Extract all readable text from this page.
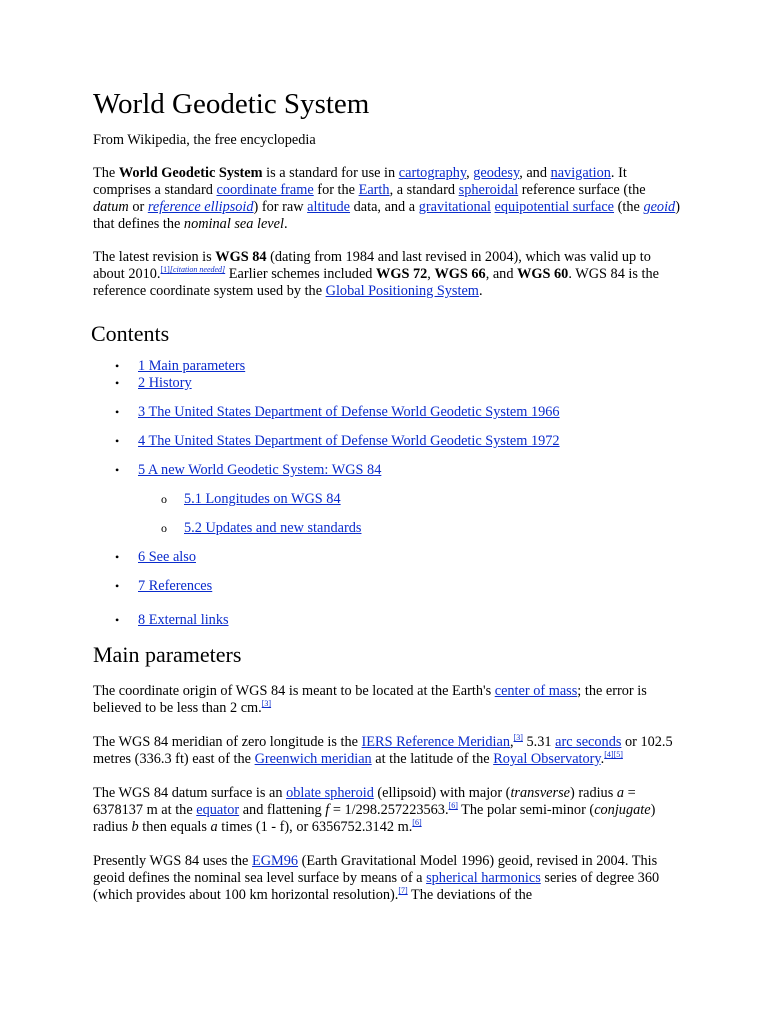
World Geodetic System

From Wikipedia, the free encyclopedia

The World Geodetic System is a standard for use in cartography, geodesy, and navigation. It comprises a standard coordinate frame for the Earth, a standard spheroidal reference surface (the datum or reference ellipsoid) for raw altitude data, and a gravitational equipotential surface (the geoid) that defines the nominal sea level.

The latest revision is WGS 84 (dating from 1984 and last revised in 2004), which was valid up to about 2010.[1][citation needed] Earlier schemes included WGS 72, WGS 66, and WGS 60. WGS 84 is the reference coordinate system used by the Global Positioning System.

Contents
• 1 Main parameters
• 2 History
• 3 The United States Department of Defense World Geodetic System 1966
• 4 The United States Department of Defense World Geodetic System 1972
• 5 A new World Geodetic System: WGS 84
o 5.1 Longitudes on WGS 84
o 5.2 Updates and new standards
• 6 See also
• 7 References
• 8 External links
Main parameters

The coordinate origin of WGS 84 is meant to be located at the Earth's center of mass; the error is believed to be less than 2 cm.[3]

The WGS 84 meridian of zero longitude is the IERS Reference Meridian,[3] 5.31 arc seconds or 102.5 metres (336.3 ft) east of the Greenwich meridian at the latitude of the Royal Observatory.[4][5]

The WGS 84 datum surface is an oblate spheroid (ellipsoid) with major (transverse) radius a = 6378137 m at the equator and flattening f = 1/298.257223563.[6] The polar semi-minor (conjugate) radius b then equals a times (1 - f), or 6356752.3142 m.[6]

Presently WGS 84 uses the EGM96 (Earth Gravitational Model 1996) geoid, revised in 2004. This geoid defines the nominal sea level surface by means of a spherical harmonics series of degree 360 (which provides about 100 km horizontal resolution).[7] The deviations of the
